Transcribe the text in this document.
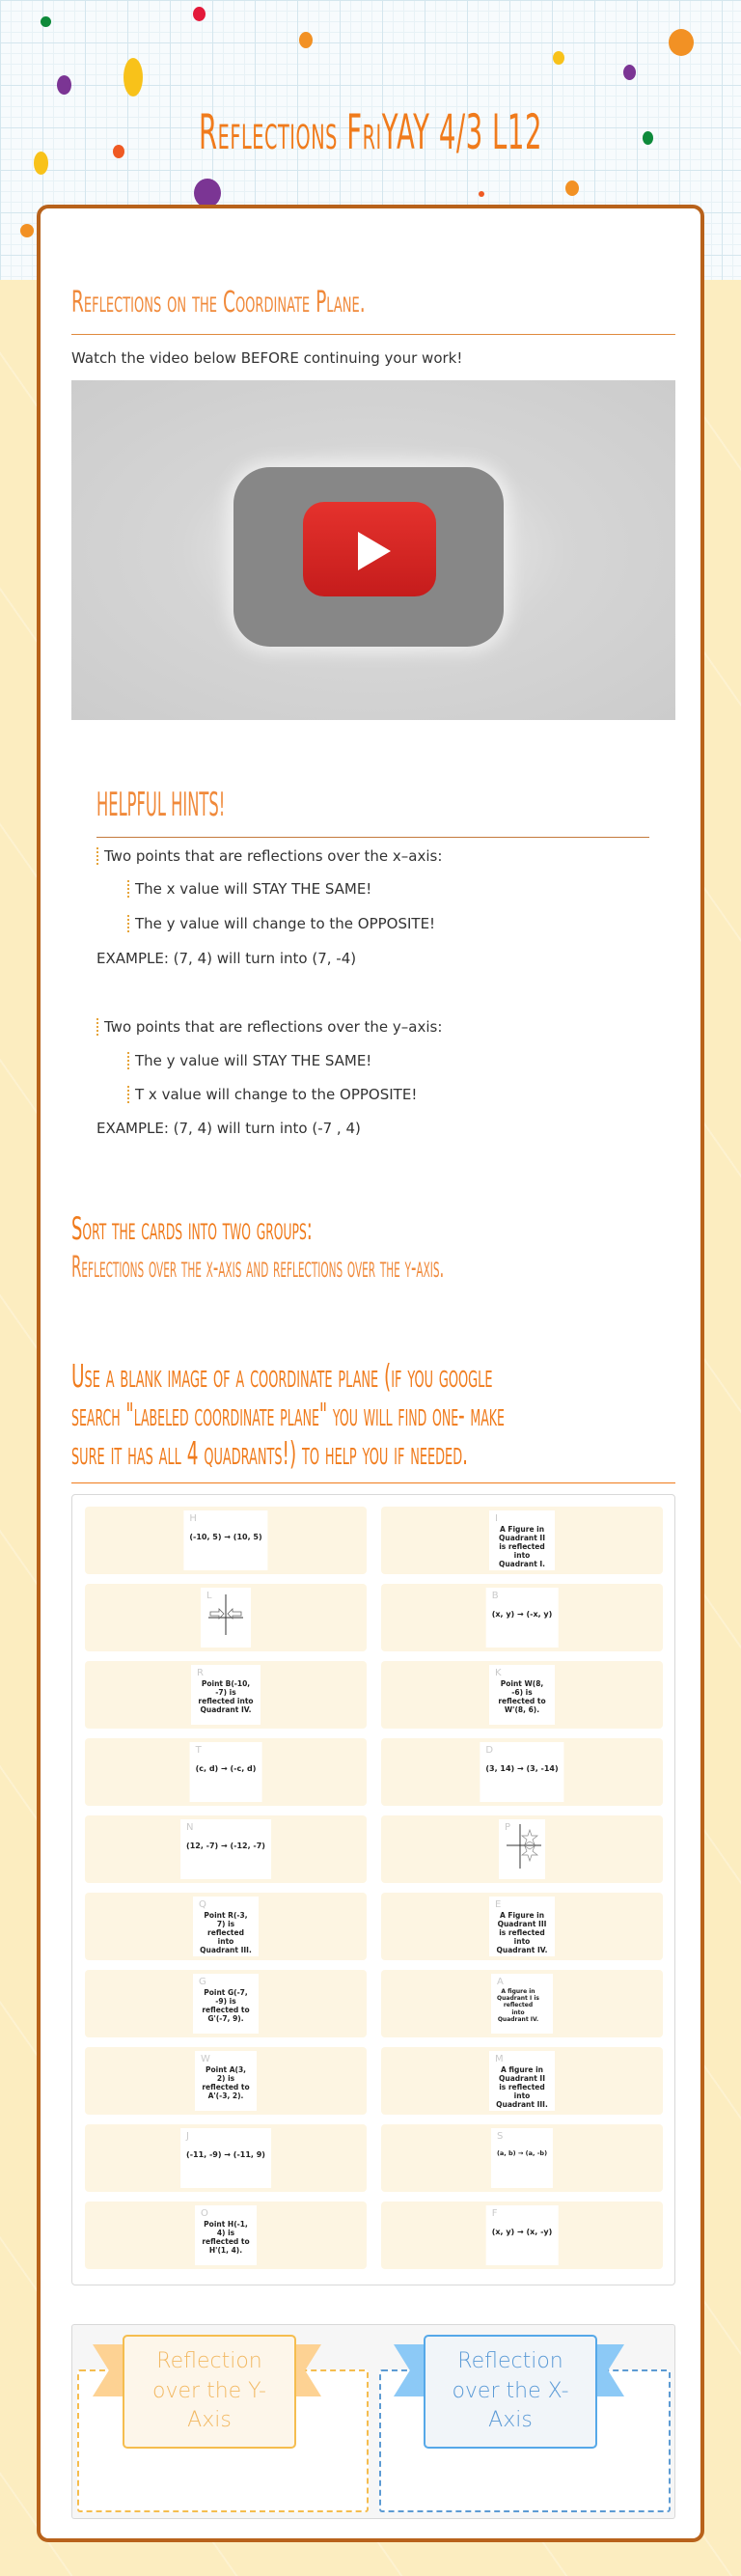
Reflections FriYAY 4/3 L12
Reflections on the Coordinate Plane.
Watch the video below BEFORE continuing your work!
HELPFUL HINTS!
Two points that are reflections over the x–axis:
The x value will STAY THE SAME!
The y value will change to the OPPOSITE!
EXAMPLE: (7, 4) will turn into (7, -4)
Two points that are reflections over the y–axis:
The y value will STAY THE SAME!
T x value will change to the OPPOSITE!
EXAMPLE: (7, 4) will turn into (-7 , 4)
Sort the cards into two groups:
Reflections over the x-axis and reflections over the y-axis.
Use a blank image of a coordinate plane (if you google
search "labeled coordinate plane" you will find one- make
sure it has all 4 quadrants!) to help you if needed.
H
(-10, 5) → (10, 5)
I
A Figure in Quadrant II is reflected into Quadrant I.
L	B
(x, y) → (-x, y)
R
Point B(-10, -7) is reflected into Quadrant IV.
K
Point W(8, -6) is reflected to W'(8, 6).
T
(c, d) → (-c, d)
D
(3, 14) → (3, -14)
N
(12, -7) → (-12, -7)
P
Q
Point R(-3, 7) is reflected into Quadrant III.
E
A Figure in Quadrant III is reflected into Quadrant IV.
G
Point G(-7, -9) is reflected to G'(-7, 9).
A
A figure in Quadrant I is reflected into Quadrant IV.
W
Point A(3, 2) is reflected to A'(-3, 2).
M
A figure in Quadrant II is reflected into Quadrant III.
J
(-11, -9) → (-11, 9)
S
(a, b) → (a, -b)
O
Point H(-1, 4) is reflected to H'(1, 4).
F
(x, y) → (x, -y)
Reflection over the Y-Axis
Reflection over the X-Axis
